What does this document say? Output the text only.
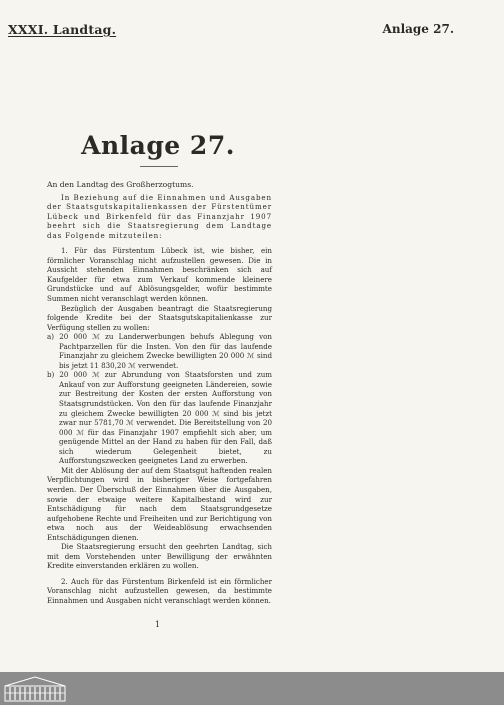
XXXI. Landtag.	Anlage 27.
Anlage 27.

An den Landtag des Großherzogtums.

In Beziehung auf die Einnahmen und Ausgaben der Staatsgutskapitalienkassen der Fürstentümer Lübeck und Birkenfeld für das Finanzjahr 1907 beehrt sich die Staatsregierung dem Landtage das Folgende mitzuteilen:

1. Für das Fürstentum Lübeck ist, wie bisher, ein förmlicher Voranschlag nicht aufzustellen gewesen. Die in Aussicht stehenden Einnahmen beschränken sich auf Kaufgelder für etwa zum Verkauf kommende kleinere Grundstücke und auf Ablösungsgelder, wofür bestimmte Summen nicht veranschlagt werden können.

Bezüglich der Ausgaben beantragt die Staatsregierung folgende Kredite bei der Staatsgutskapitalienkasse zur Verfügung stellen zu wollen:

a) 20 000 ℳ zu Landerwerbungen behufs Ablegung von Pachtparzellen für die Insten. Von den für das laufende Finanzjahr zu gleichem Zwecke bewilligten 20 000 ℳ sind bis jetzt 11 830,20 ℳ verwendet.

b) 20 000 ℳ zur Abrundung von Staatsforsten und zum Ankauf von zur Aufforstung geeigneten Ländereien, sowie zur Bestreitung der Kosten der ersten Aufforstung von Staatsgrundstücken. Von den für das laufende Finanzjahr zu gleichem Zwecke bewilligten 20 000 ℳ sind bis jetzt zwar nur 5781,70 ℳ verwendet. Die Bereitstellung von 20 000 ℳ für das Finanzjahr 1907 empfiehlt sich aber, um genügende Mittel an der Hand zu haben für den Fall, daß sich wiederum Gelegenheit bietet, zu Aufforstungszwecken geeignetes Land zu erwerben.

Mit der Ablösung der auf dem Staatsgut haftenden realen Verpflichtungen wird in bisheriger Weise fortgefahren werden. Der Überschuß der Einnahmen über die Ausgaben, sowie der etwaige weitere Kapitalbestand wird zur Entschädigung für nach dem Staatsgrundgesetze aufgehobene Rechte und Freiheiten und zur Berichtigung von etwa noch aus der Weideablösung erwachsenden Entschädigungen dienen.

Die Staatsregierung ersucht den geehrten Landtag, sich mit dem Vorstehenden unter Bewilligung der erwähnten Kredite einverstanden erklären zu wollen.

2. Auch für das Fürstentum Birkenfeld ist ein förmlicher Voranschlag nicht aufzustellen gewesen, da bestimmte Einnahmen und Ausgaben nicht veranschlagt werden können.

1
